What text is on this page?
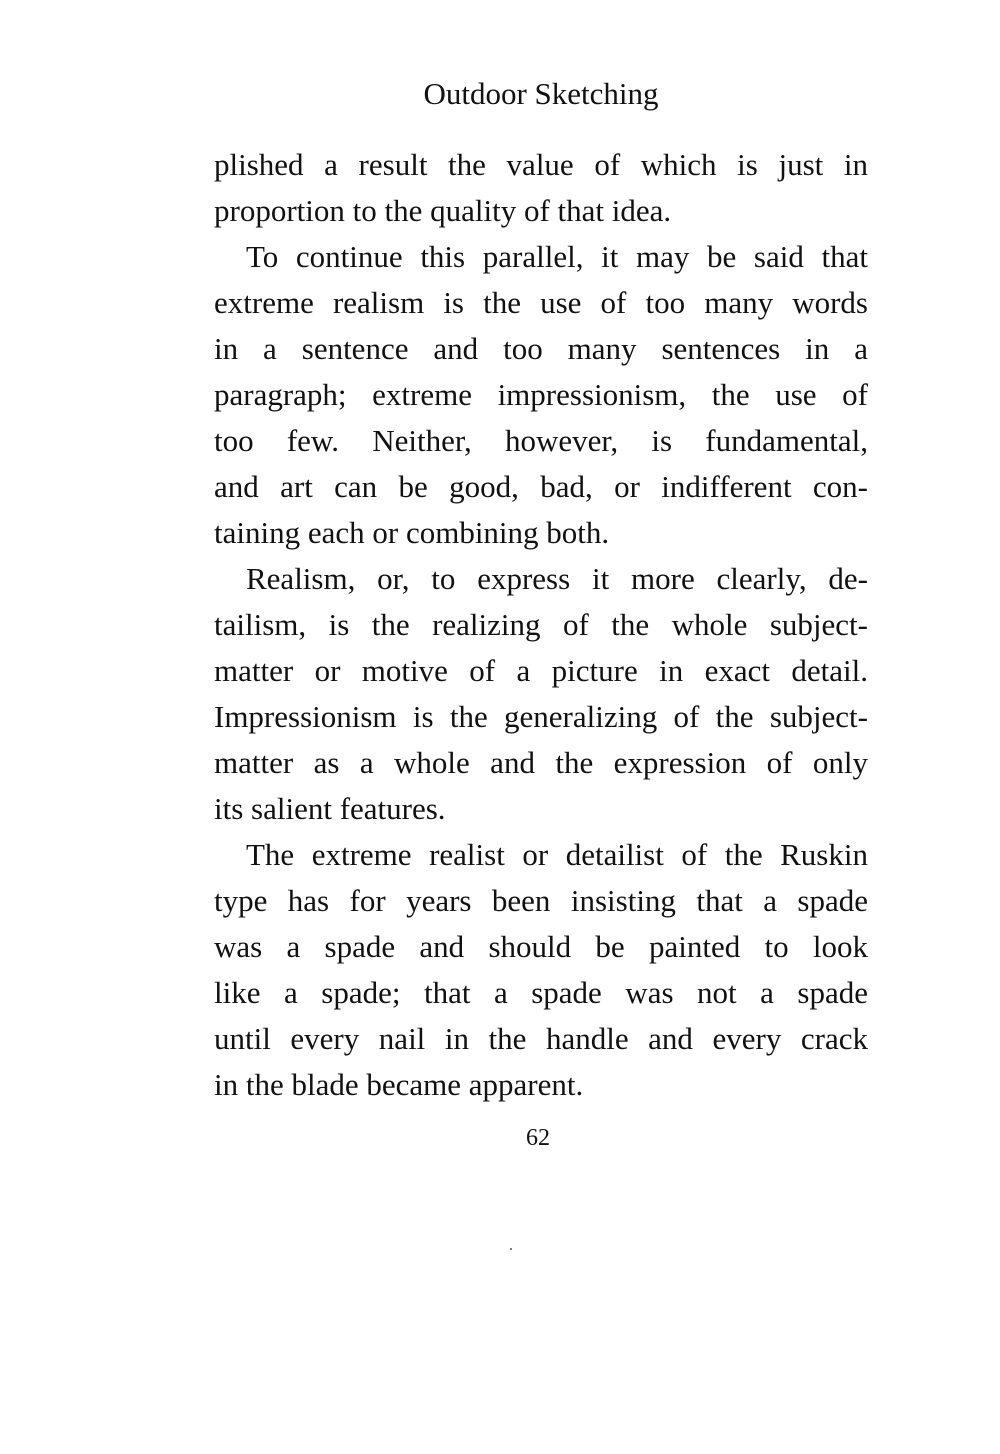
Outdoor Sketching
plished a result the value of which is just in
proportion to the quality of that idea.
To continue this parallel, it may be said that
extreme realism is the use of too many words
in a sentence and too many sentences in a
paragraph; extreme impressionism, the use of
too few. Neither, however, is fundamental,
and art can be good, bad, or indifferent con-
taining each or combining both.
Realism, or, to express it more clearly, de-
tailism, is the realizing of the whole subject-
matter or motive of a picture in exact detail.
Impressionism is the generalizing of the subject-
matter as a whole and the expression of only
its salient features.
The extreme realist or detailist of the Ruskin
type has for years been insisting that a spade
was a spade and should be painted to look
like a spade; that a spade was not a spade
until every nail in the handle and every crack
in the blade became apparent.
62
